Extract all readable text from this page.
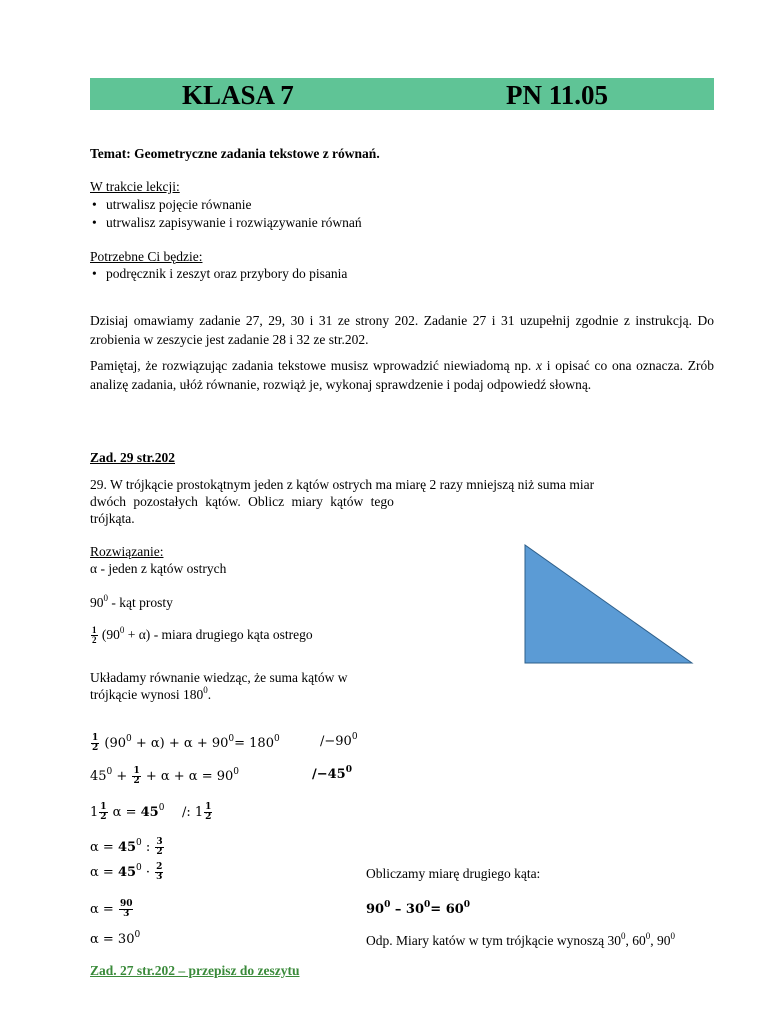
KLASA 7	PN 11.05
Temat: Geometryczne zadania tekstowe z równań.
W trakcie lekcji:
• utrwalisz pojęcie równanie
• utrwalisz zapisywanie i rozwiązywanie równań
Potrzebne Ci będzie:
• podręcznik i zeszyt oraz przybory do pisania
Dzisiaj omawiamy zadanie 27, 29, 30 i 31 ze strony 202. Zadanie 27 i 31 uzupełnij zgodnie z instrukcją. Do zrobienia w zeszycie jest zadanie 28 i 32 ze str.202.
Pamiętaj, że rozwiązując zadania tekstowe musisz wprowadzić niewiadomą np. x i opisać co ona oznacza. Zrób analizę zadania, ułóż równanie, rozwiąż je, wykonaj sprawdzenie i podaj odpowiedź słowną.
Zad. 29 str.202
29. W trójkącie prostokątnym jeden z kątów ostrych ma miarę 2 razy mniejszą niż suma miar
dwóch pozostałych kątów. Oblicz miary kątów tego
trójkąta.
Rozwiązanie:
α - jeden z kątów ostrych
$90^0$ - kąt prosty
$\frac{1}{2} (90^0 + \alpha)$ - miara drugiego kąta ostrego
Układamy równanie wiedząc, że suma kątów w
trójkącie wynosi $180^0$.
$\frac{1}{2} (90^0 + \alpha) + \alpha + 90^0= 180^0$	$/-90^0$
$45^0 + \frac{1}{2} + \alpha + \alpha = 90^0$	$/-45^0$
$1 \frac{1}{2}$ $\alpha = 45^0$ /: $1 \frac{1}{2}$
$\alpha = 45^0$ : $\frac{3}{2}$
$\alpha = 45^0 \cdot \frac{2}{3}$
$\alpha = \frac{90}{3}$
$\alpha = 30^0$
Obliczamy miarę drugiego kąta:
$90^0 - 30^0= 60^0$
Odp. Miary katów w tym trójkącie wynoszą $30^0$, $60^0$, $90^0$
Zad. 27 str.202 – przepisz do zeszytu
